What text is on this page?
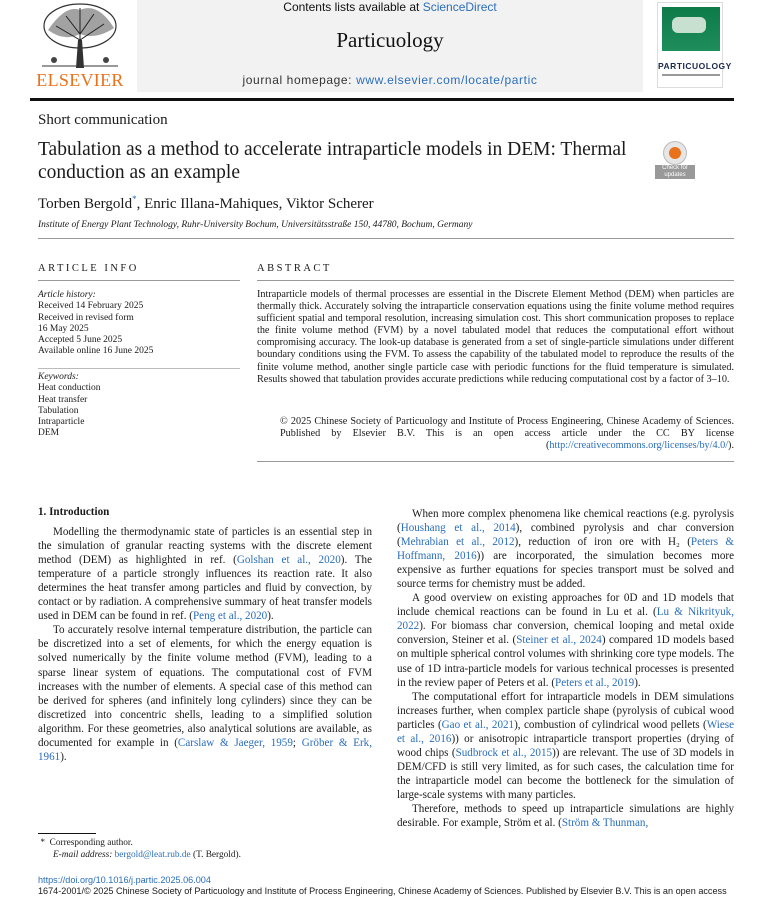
ELSEVIER
Contents lists available at ScienceDirect
Particuology
journal homepage: www.elsevier.com/locate/partic
PARTICUOLOGY
Short communication
Tabulation as a method to accelerate intraparticle models in DEM: Thermal conduction as an example	Check for updates
Torben Bergold*, Enric Illana-Mahiques, Viktor Scherer
Institute of Energy Plant Technology, Ruhr-University Bochum, Universitätsstraße 150, 44780, Bochum, Germany
ARTICLE INFO	ABSTRACT
Article history:
Received 14 February 2025
Received in revised form
16 May 2025
Accepted 5 June 2025
Available online 16 June 2025
Keywords:
Heat conduction
Heat transfer
Tabulation
Intraparticle
DEM
Intraparticle models of thermal processes are essential in the Discrete Element Method (DEM) when particles are thermally thick. Accurately solving the intraparticle conservation equations using the finite volume method requires sufficient spatial and temporal resolution, increasing simulation cost. This short communication proposes to replace the finite volume method (FVM) by a novel tabulated model that reduces the computational effort without compromising accuracy. The look-up database is generated from a set of single-particle simulations under different boundary conditions using the FVM. To assess the capability of the tabulated model to reproduce the results of the finite volume method, another single particle case with periodic functions for the fluid temperature is simulated. Results showed that tabulation provides accurate predictions while reducing computational cost by a factor of 3–10.
© 2025 Chinese Society of Particuology and Institute of Process Engineering, Chinese Academy of Sciences. Published by Elsevier B.V. This is an open access article under the CC BY license (http://creativecommons.org/licenses/by/4.0/).
1. Introduction

Modelling the thermodynamic state of particles is an essential step in the simulation of granular reacting systems with the discrete element method (DEM) as highlighted in ref. (Golshan et al., 2020). The temperature of a particle strongly influences its reaction rate. It also determines the heat transfer among particles and fluid by convection, by contact or by radiation. A comprehensive summary of heat transfer models used in DEM can be found in ref. (Peng et al., 2020).

To accurately resolve internal temperature distribution, the particle can be discretized into a set of elements, for which the energy equation is solved numerically by the finite volume method (FVM), leading to a sparse linear system of equations. The computational cost of FVM increases with the number of elements. A special case of this method can be derived for spheres (and infinitely long cylinders) since they can be discretized into concentric shells, leading to a simplified solution algorithm. For these geometries, also analytical solutions are available, as documented for example in (Carslaw & Jaeger, 1959; Gröber & Erk, 1961).

When more complex phenomena like chemical reactions (e.g. pyrolysis (Houshang et al., 2014), combined pyrolysis and char conversion (Mehrabian et al., 2012), reduction of iron ore with H₂ (Peters & Hoffmann, 2016)) are incorporated, the simulation becomes more expensive as further equations for species transport must be solved and source terms for chemistry must be added.

A good overview on existing approaches for 0D and 1D models that include chemical reactions can be found in Lu et al. (Lu & Nikrityuk, 2022). For biomass char conversion, chemical looping and metal oxide conversion, Steiner et al. (Steiner et al., 2024) compared 1D models based on multiple spherical control volumes with shrinking core type models. The use of 1D intra-particle models for various technical processes is presented in the review paper of Peters et al. (Peters et al., 2019).

The computational effort for intraparticle models in DEM simulations increases further, when complex particle shape (pyrolysis of cubical wood particles (Gao et al., 2021), combustion of cylindrical wood pellets (Wiese et al., 2016)) or anisotropic intraparticle transport properties (drying of wood chips (Sudbrock et al., 2015)) are relevant. The use of 3D models in DEM/CFD is still very limited, as for such cases, the calculation time for the intraparticle model can become the bottleneck for the simulation of large-scale systems with many particles.

Therefore, methods to speed up intraparticle simulations are highly desirable. For example, Ström et al. (Ström & Thunman,

*  Corresponding author.
E-mail address: bergold@leat.rub.de (T. Bergold).
https://doi.org/10.1016/j.partic.2025.06.004
1674-2001/© 2025 Chinese Society of Particuology and Institute of Process Engineering, Chinese Academy of Sciences. Published by Elsevier B.V. This is an open access
